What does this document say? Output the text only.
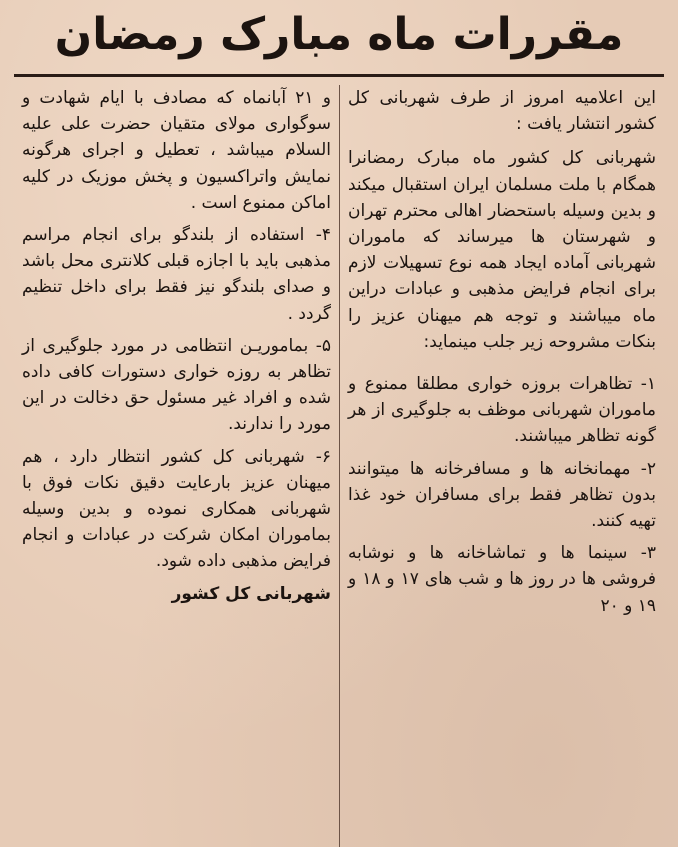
مقررات ماه مبارک رمضان

این اعلامیه امروز از طرف شهربانی کل کشور انتشار یافت :

شهربانی کل کشور ماه مبارک رمضانرا همگام با ملت مسلمان ایران استقبال میکند و بدین وسیله باستحضار اهالی محترم تهران و شهرستان ها میرساند که ماموران شهربانی آماده ایجاد همه نوع تسهیلات لازم برای انجام فرایض مذهبی و عبادات دراین ماه میباشند و توجه هم میهنان عزیز را بنکات مشروحه زیر جلب مینماید:

۱- تظاهرات بروزه خواری مطلقا ممنوع و ماموران شهربانی موظف به جلوگیری از هر گونه تظاهر میباشند.

۲- مهمانخانه ها و مسافرخانه ها میتوانند بدون تظاهر فقط برای مسافران خود غذا تهیه کنند.

۳- سینما ها و تماشاخانه ها و نوشابه فروشی ها در روز ها و شب های ۱۷ و ۱۸ و ۱۹ و ۲۰

و ۲۱ آبانماه که مصادف با ایام شهادت و سوگواری مولای متقیان حضرت علی علیه السلام میباشد ، تعطیل و اجرای هرگونه نمایش واتراکسیون و پخش موزیک در کلیه اماکن ممنوع است .

۴- استفاده از بلندگو برای انجام مراسم مذهبی باید با اجازه قبلی کلانتری محل باشد و صدای بلندگو نیز فقط برای داخل تنظیم گردد .

۵- بماموریـن انتظامی در مورد جلوگیری از تظاهر به روزه خواری دستورات کافی داده شده و افراد غیر مسئول حق دخالت در این مورد را ندارند.

۶- شهربانی کل کشور انتظار دارد ، هم میهنان عزیز بارعایت دقیق نکات فوق با شهربانی همکاری نموده و بدین وسیله بماموران امکان شرکت در عبادات و انجام فرایض مذهبی داده شود.

شهربانی کل کشور
